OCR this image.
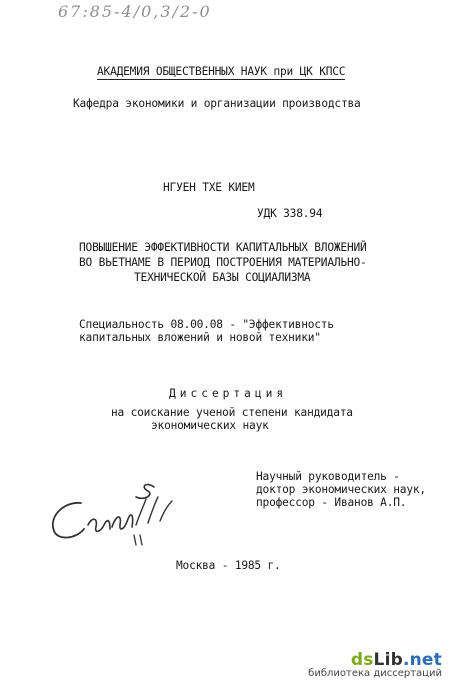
67:85-4/0,3/2-0
АКАДЕМИЯ ОБЩЕСТВЕННЫХ НАУК при ЦК КПСС
Кафедра экономики и организации производства
НГУЕН ТХЕ КИЕМ
УДК 338.94
ПОВЫШЕНИЕ ЭФФЕКТИВНОСТИ КАПИТАЛЬНЫХ ВЛОЖЕНИЙ
ВО ВЬЕТНАМЕ В ПЕРИОД ПОСТРОЕНИЯ МАТЕРИАЛЬНО-
ТЕХНИЧЕСКОЙ БАЗЫ СОЦИАЛИЗМА
Специальность 08.00.08 - "Эффективность
капитальных вложений и новой техники"
Диссертация
на соискание ученой степени кандидата
экономических наук
Научный руководитель -
доктор экономических наук,
профессор - Иванов А.П.
Москва - 1985 г.
dsLib.net
библиотека диссертаций
